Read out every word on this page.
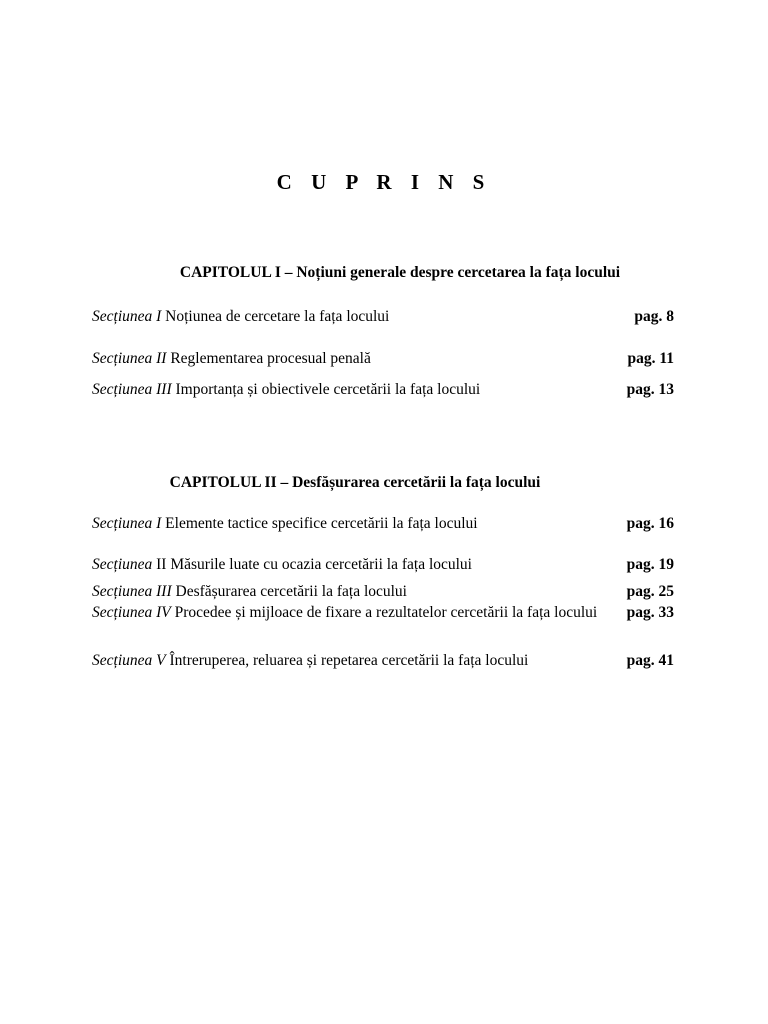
C U P R I N S
CAPITOLUL I – Noțiuni generale despre cercetarea la fața locului
Secțiunea I Noțiunea de cercetare la fața locului	pag. 8
Secțiunea II Reglementarea procesual penală	pag. 11
Secțiunea III Importanța și obiectivele cercetării la fața locului	pag. 13
CAPITOLUL II – Desfășurarea cercetării la fața locului
Secțiunea I Elemente tactice specifice cercetării la fața locului	pag. 16
Secțiunea II Măsurile luate cu ocazia cercetării la fața locului	pag. 19
Secțiunea III Desfășurarea cercetării la fața locului	pag. 25
Secțiunea IV Procedee și mijloace de fixare a rezultatelor cercetării la fața locului	pag. 33
Secțiunea V Întreruperea, reluarea și repetarea cercetării la fața locului	pag. 41
